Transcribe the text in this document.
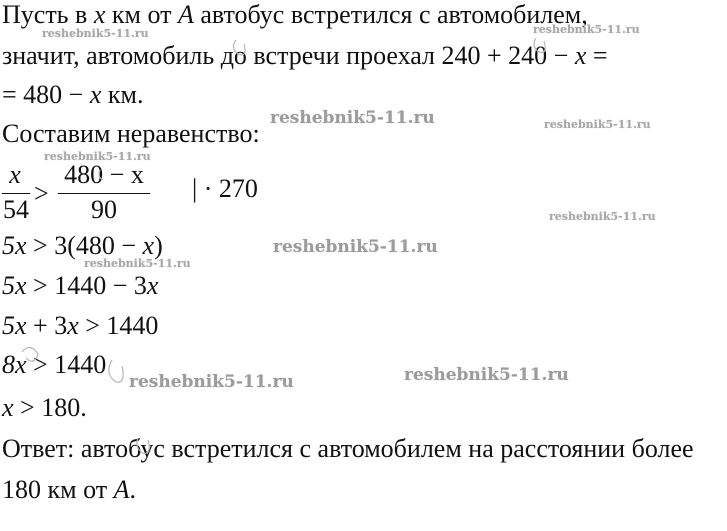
Пусть в x км от A автобус встретился с автомобилем,
значит, автомобиль до встречи проехал 240 + 240 − x =
= 480 − x км.
Составим неравенство:
x
54
>
480 − x
90
| · 270
5x > 3(480 − x)
5x > 1440 − 3x
5x + 3x > 1440
8x > 1440
x > 180.
Ответ: автобус встретился с автомобилем на расстоянии более
180 км от A.
reshebnik5-11.ru	reshebnik5-11.ru
reshebnik5-11.ru
reshebnik5-11.ru
reshebnik5-11.ru
reshebnik5-11.ru
reshebnik5-11.ru
reshebnik5-11.ru
reshebnik5-11.ru	reshebnik5-11.ru
